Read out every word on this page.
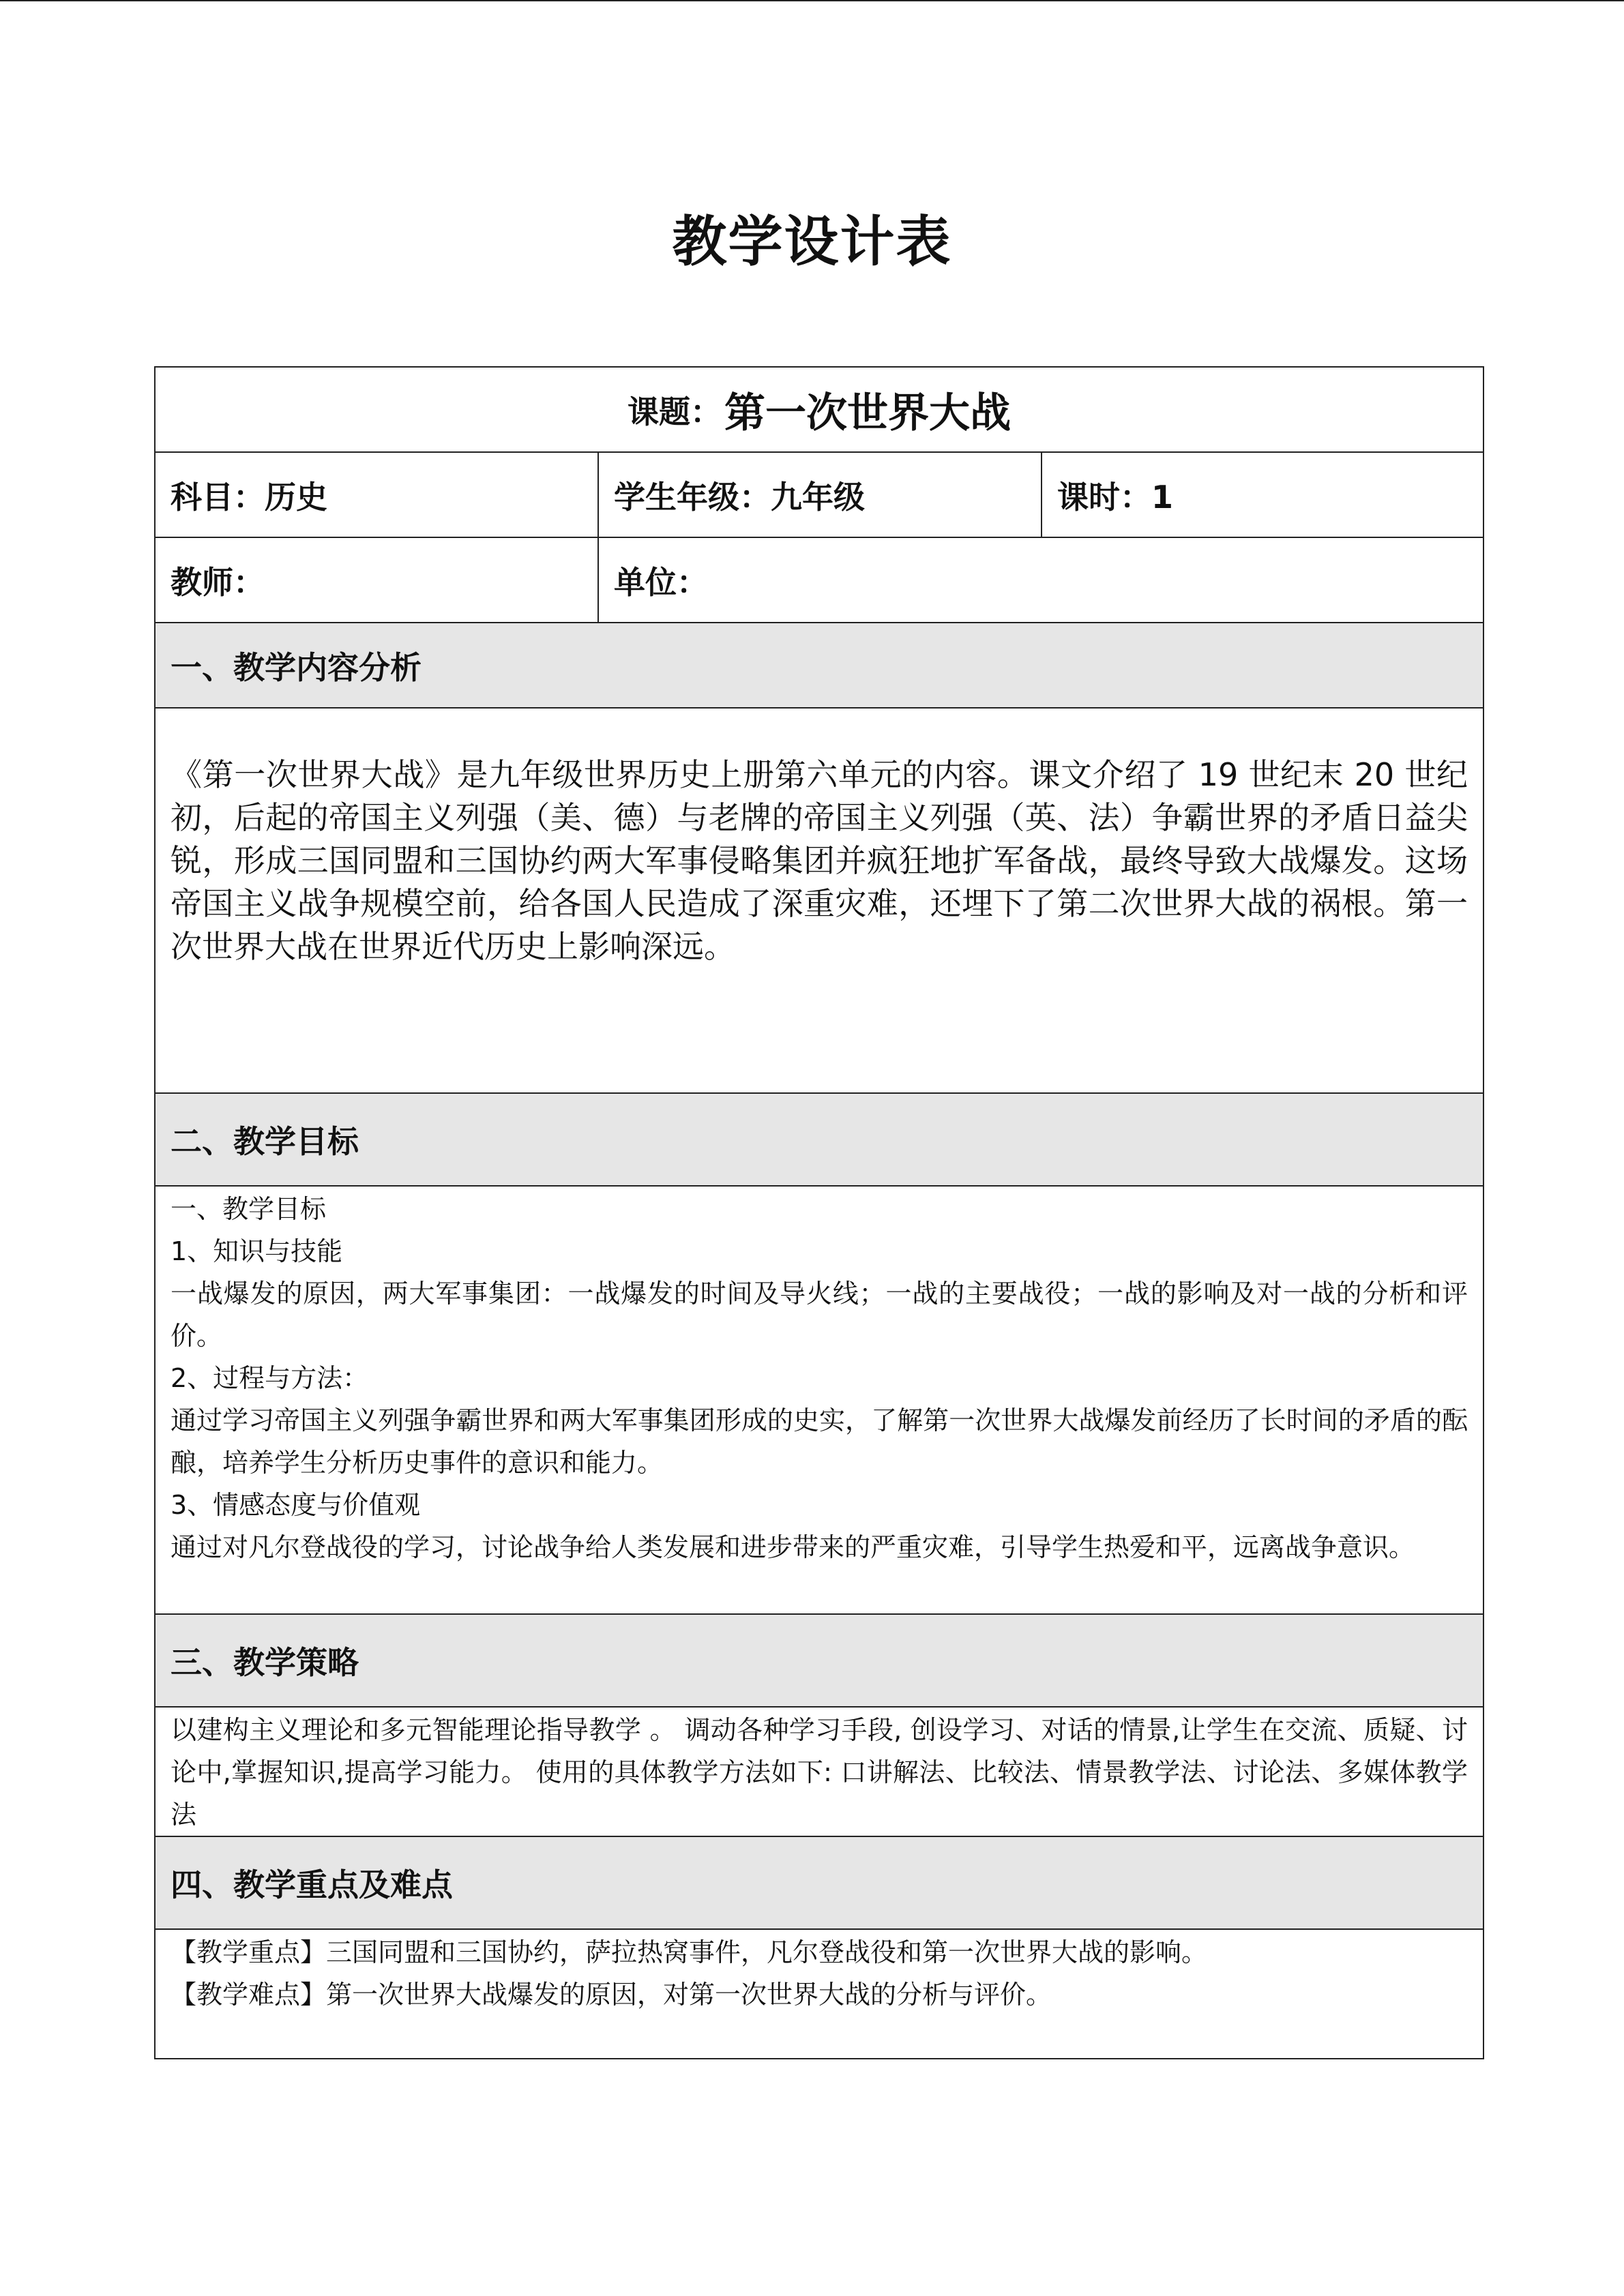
教学设计表
课题： 第一次世界大战
科目：历史	学生年级：九年级	课时：1
教师：	单位：
一、教学内容分析
《第一次世界大战》是九年级世界历史上册第六单元的内容。课文介绍了 19 世纪末 20 世纪初，后起的帝国主义列强（美、德）与老牌的帝国主义列强（英、法）争霸世界的矛盾日益尖锐，形成三国同盟和三国协约两大军事侵略集团并疯狂地扩军备战，最终导致大战爆发。这场帝国主义战争规模空前，给各国人民造成了深重灾难，还埋下了第二次世界大战的祸根。第一次世界大战在世界近代历史上影响深远。
二、教学目标
一、教学目标
1、知识与技能
一战爆发的原因，两大军事集团：一战爆发的时间及导火线；一战的主要战役；一战的影响及对一战的分析和评价。
2、过程与方法：
通过学习帝国主义列强争霸世界和两大军事集团形成的史实，了解第一次世界大战爆发前经历了长时间的矛盾的酝酿，培养学生分析历史事件的意识和能力。
3、情感态度与价值观
通过对凡尔登战役的学习，讨论战争给人类发展和进步带来的严重灾难，引导学生热爱和平，远离战争意识。
三、教学策略
以建构主义理论和多元智能理论指导教学 。 调动各种学习手段, 创设学习、对话的情景,让学生在交流、质疑、讨论中,掌握知识,提高学习能力。 使用的具体教学方法如下: 口讲解法、比较法、情景教学法、讨论法、多媒体教学法
四、教学重点及难点
【教学重点】三国同盟和三国协约，萨拉热窝事件，凡尔登战役和第一次世界大战的影响。
【教学难点】第一次世界大战爆发的原因，对第一次世界大战的分析与评价。
